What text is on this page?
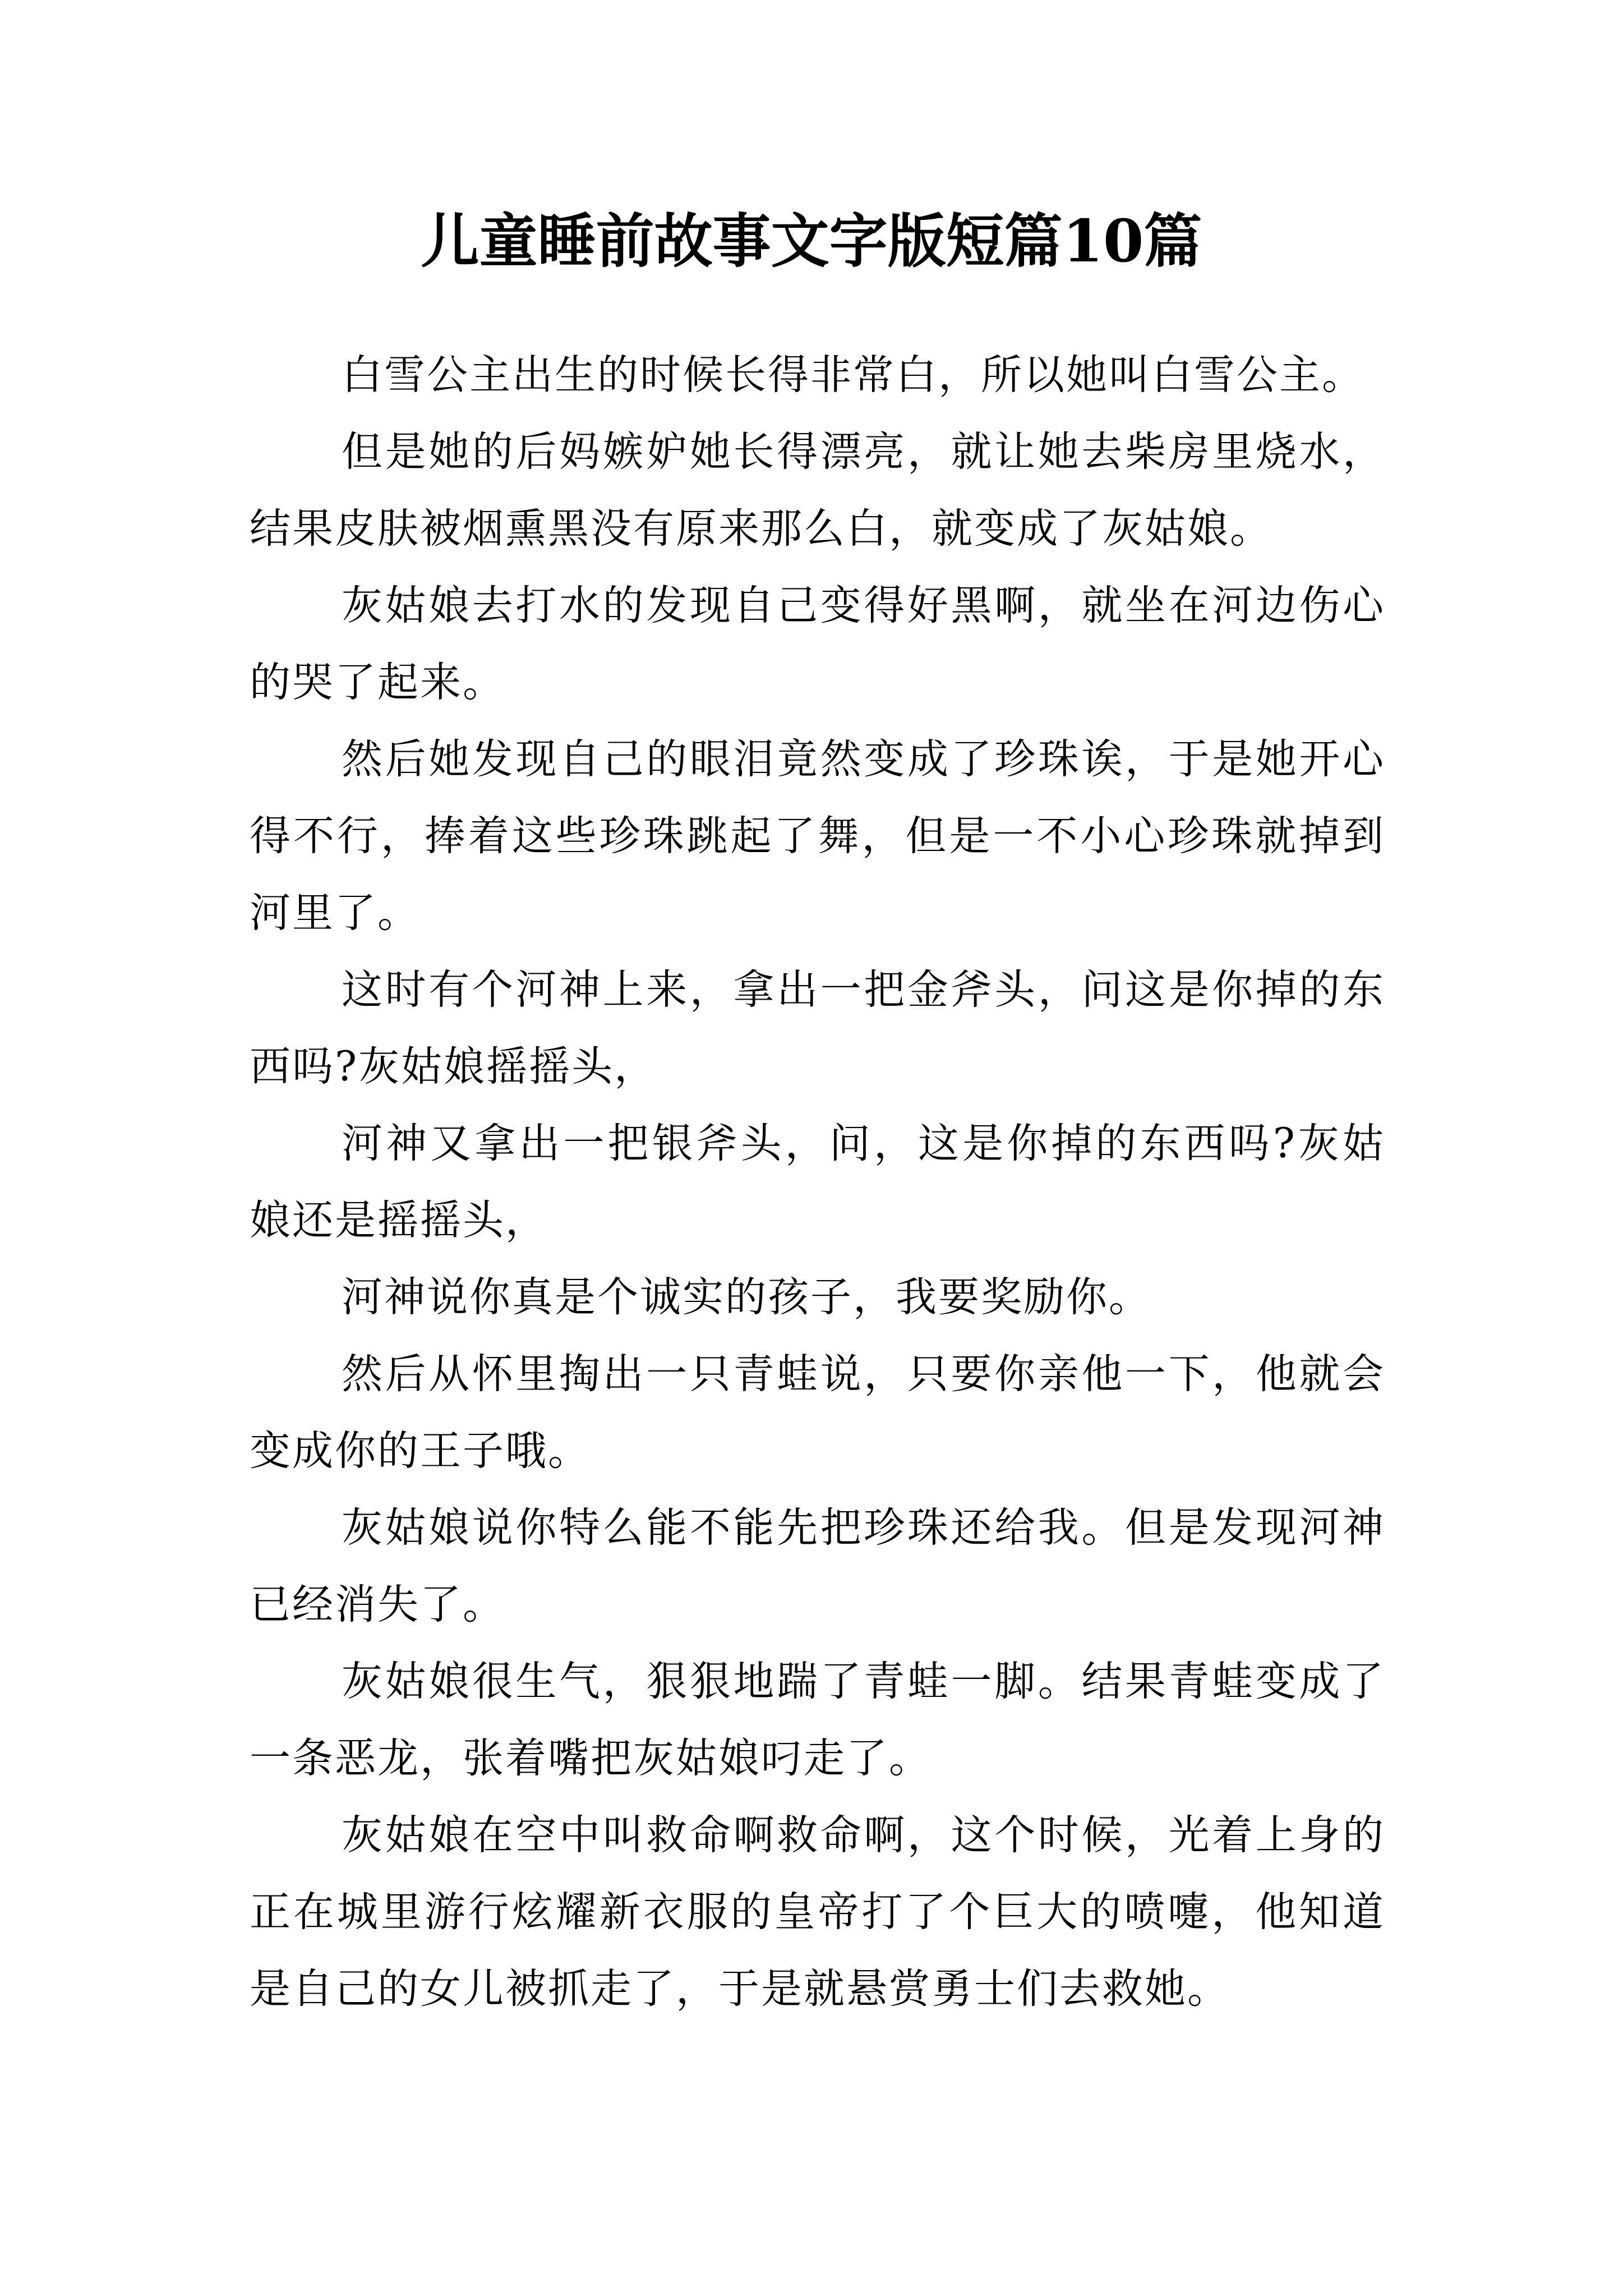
儿童睡前故事文字版短篇10篇

白雪公主出生的时候长得非常白，所以她叫白雪公主。

但是她的后妈嫉妒她长得漂亮，就让她去柴房里烧水，结果皮肤被烟熏黑没有原来那么白，就变成了灰姑娘。

灰姑娘去打水的发现自己变得好黑啊，就坐在河边伤心的哭了起来。

然后她发现自己的眼泪竟然变成了珍珠诶，于是她开心得不行，捧着这些珍珠跳起了舞，但是一不小心珍珠就掉到河里了。

这时有个河神上来，拿出一把金斧头，问这是你掉的东西吗?灰姑娘摇摇头，

河神又拿出一把银斧头，问，这是你掉的东西吗?灰姑娘还是摇摇头，

河神说你真是个诚实的孩子，我要奖励你。

然后从怀里掏出一只青蛙说，只要你亲他一下，他就会变成你的王子哦。

灰姑娘说你特么能不能先把珍珠还给我。但是发现河神已经消失了。

灰姑娘很生气，狠狠地踹了青蛙一脚。结果青蛙变成了一条恶龙，张着嘴把灰姑娘叼走了。

灰姑娘在空中叫救命啊救命啊，这个时候，光着上身的正在城里游行炫耀新衣服的皇帝打了个巨大的喷嚏，他知道是自己的女儿被抓走了，于是就悬赏勇士们去救她。
